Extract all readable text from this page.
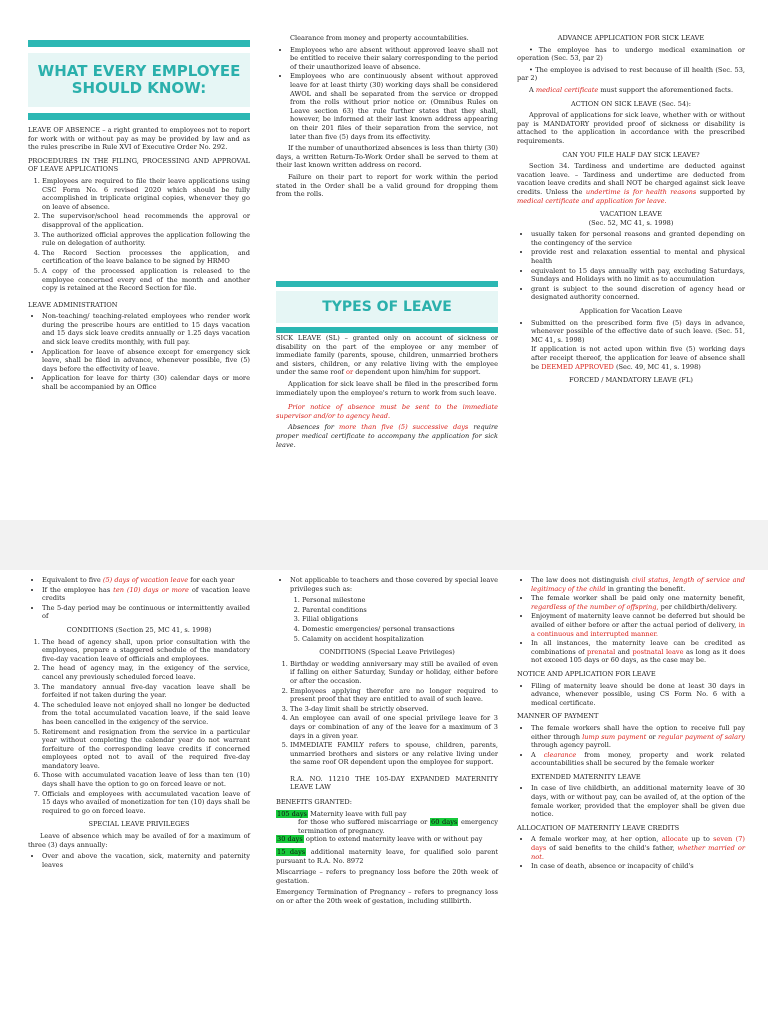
WHAT EVERY EMPLOYEE SHOULD KNOW:

LEAVE OF ABSENCE – a right granted to employees not to report for work with or without pay as may be provided by law and as the rules prescribe in Rule XVI of Executive Order No. 292.

PROCEDURES IN THE FILING, PROCESSING AND APPROVAL OF LEAVE APPLICATIONS

1. Employees are required to file their leave applications using CSC Form No. 6 revised 2020 which should be fully accomplished in triplicate original copies, whenever they go on leave of absence.
2. The supervisor/school head recommends the approval or disapproval of the application.
3. The authorized official approves the application following the rule on delegation of authority.
4. The Record Section processes the application, and certification of the leave balance to be signed by HRMO
5. A copy of the processed application is released to the employee concerned every end of the month and another copy is retained at the Record Section for file.

LEAVE ADMINISTRATION

• Non-teaching/ teaching-related employees who render work during the prescribe hours are entitled to 15 days vacation and 15 days sick leave credits annually or 1.25 days vacation and sick leave credits monthly, with full pay.
• Application for leave of absence except for emergency sick leave, shall be filed in advance, whenever possible, five (5) days before the effectivity of leave.
• Application for leave for thirty (30) calendar days or more shall be accompanied by an Office

Clearance from money and property accountabilities.

• Employees who are absent without approved leave shall not be entitled to receive their salary corresponding to the period of their unauthorized leave of absence.
• Employees who are continuously absent without approved leave for at least thirty (30) working days shall be considered AWOL and shall be separated from the service or dropped from the rolls without prior notice or. (Omnibus Rules on Leave section 63) the rule further states that they shall, however, be informed at their last known address appearing on their 201 files of their separation from the service, not later than five (5) days from its effectivity.

If the number of unauthorized absences is less than thirty (30) days, a written Return-To-Work Order shall be served to them at their last known written address on record.

Failure on their part to report for work within the period stated in the Order shall be a valid ground for dropping them from the rolls.

TYPES OF LEAVE

SICK LEAVE (SL) – granted only on account of sickness or disability on the part of the employee or any member of immediate family (parents, spouse, children, unmarried brothers and sisters, children, or any relative living with the employee under the same roof or dependent upon him/him for support.

Application for sick leave shall be filed in the prescribed form immediately upon the employee's return to work from such leave.

Prior notice of absence must be sent to the immediate supervisor and/or to agency head.

Absences for more than five (5) successive days require proper medical certificate to accompany the application for sick leave.

ADVANCE APPLICATION FOR SICK LEAVE

• The employee has to undergo medical examination or operation (Sec. 53, par 2)

• The employee is advised to rest because of ill health (Sec. 53, par 2)

A medical certificate must support the aforementioned facts.

ACTION ON SICK LEAVE (Sec. 54):

Approval of applications for sick leave, whether with or without pay is MANDATORY provided proof of sickness or disability is attached to the application in accordance with the prescribed requirements.

CAN YOU FILE HALF DAY SICK LEAVE?

Section 34. Tardiness and undertime are deducted against vacation leave. – Tardiness and undertime are deducted from vacation leave credits and shall NOT be charged against sick leave credits. Unless the undertime is for health reasons supported by medical certificate and application for leave.

VACATION LEAVE

(Sec. 52, MC 41, s. 1998)

• usually taken for personal reasons and granted depending on the contingency of the service
• provide rest and relaxation essential to mental and physical health
• equivalent to 15 days annually with pay, excluding Saturdays, Sundays and Holidays with no limit as to accumulation
• grant is subject to the sound discretion of agency head or designated authority concerned.

Application for Vacation Leave

• Submitted on the prescribed form five (5) days in advance, whenever possible of the effective date of such leave. (Sec. 51, MC 41, s. 1998)
If application is not acted upon within five (5) working days after receipt thereof, the application for leave of absence shall be DEEMED APPROVED (Sec. 49, MC 41, s. 1998)

FORCED / MANDATORY LEAVE (FL)

• Equivalent to five (5) days of vacation leave for each year
• If the employee has ten (10) days or more of vacation leave credits
• The 5-day period may be continuous or intermittently availed of

CONDITIONS (Section 25, MC 41, s. 1998)

1. The head of agency shall, upon prior consultation with the employees, prepare a staggered schedule of the mandatory five-day vacation leave of officials and employees.
2. The head of agency may, in the exigency of the service, cancel any previously scheduled forced leave.
3. The mandatory annual five-day vacation leave shall be forfeited if not taken during the year.
4. The scheduled leave not enjoyed shall no longer be deducted from the total accumulated vacation leave, if the said leave has been cancelled in the exigency of the service.
5. Retirement and resignation from the service in a particular year without completing the calendar year do not warrant forfeiture of the corresponding leave credits if concerned employees opted not to avail of the required five-day mandatory leave.
6. Those with accumulated vacation leave of less than ten (10) days shall have the option to go on forced leave or not.
7. Officials and employees with accumulated vacation leave of 15 days who availed of monetization for ten (10) days shall be required to go on forced leave.

SPECIAL LEAVE PRIVILEGES

Leave of absence which may be availed of for a maximum of three (3) days annually:

• Over and above the vacation, sick, maternity and paternity leaves
• Not applicable to teachers and those covered by special leave privileges such as:
1. Personal milestone
2. Parental conditions
3. Filial obligations
4. Domestic emergencies/ personal transactions
5. Calamity on accident hospitalization

CONDITIONS (Special Leave Privileges)

1. Birthday or wedding anniversary may still be availed of even if falling on either Saturday, Sunday or holiday, either before or after the occasion.
2. Employees applying therefor are no longer required to present proof that they are entitled to avail of such leave.
3. The 3-day limit shall be strictly observed.
4. An employee can avail of one special privilege leave for 3 days or combination of any of the leave for a maximum of 3 days in a given year.
5. IMMEDIATE FAMILY refers to spouse, children, parents, unmarried brothers and sisters or any relative living under the same roof OR dependent upon the employee for support.

R.A. NO. 11210 THE 105-DAY EXPANDED MATERNITY LEAVE LAW

BENEFITS GRANTED:

105 days Maternity leave with full pay

for those who suffered miscarriage or 60 days emergency termination of pregnancy.

30 days option to extend maternity leave with or without pay

15 days additional maternity leave, for qualified solo parent pursuant to R.A. No. 8972

Miscarriage – refers to pregnancy loss before the 20th week of gestation.

Emergency Termination of Pregnancy – refers to pregnancy loss on or after the 20th week of gestation, including stillbirth.

• The law does not distinguish civil status, length of service and legitimacy of the child in granting the benefit.
• The female worker shall be paid only one maternity benefit, regardless of the number of offspring, per childbirth/delivery.
• Enjoyment of maternity leave cannot be deferred but should be availed of either before or after the actual period of delivery, in a continuous and interrupted manner.
• In all instances, the maternity leave can be credited as combinations of prenatal and postnatal leave as long as it does not exceed 105 days or 60 days, as the case may be.

NOTICE AND APPLICATION FOR LEAVE

• Filing of maternity leave should be done at least 30 days in advance, whenever possible, using CS Form No. 6 with a medical certificate.

MANNER OF PAYMENT

• The female workers shall have the option to receive full pay either through lump sum payment or regular payment of salary through agency payroll.
• A clearance from money, property and work related accountabilities shall be secured by the female worker

EXTENDED MATERNITY LEAVE

• In case of live childbirth, an additional maternity leave of 30 days, with or without pay, can be availed of, at the option of the female worker, provided that the employer shall be given due notice.

ALLOCATION OF MATERNITY LEAVE CREDITS

• A female worker may, at her option, allocate up to seven (7) days of said benefits to the child's father, whether married or not.
• In case of death, absence or incapacity of child's
